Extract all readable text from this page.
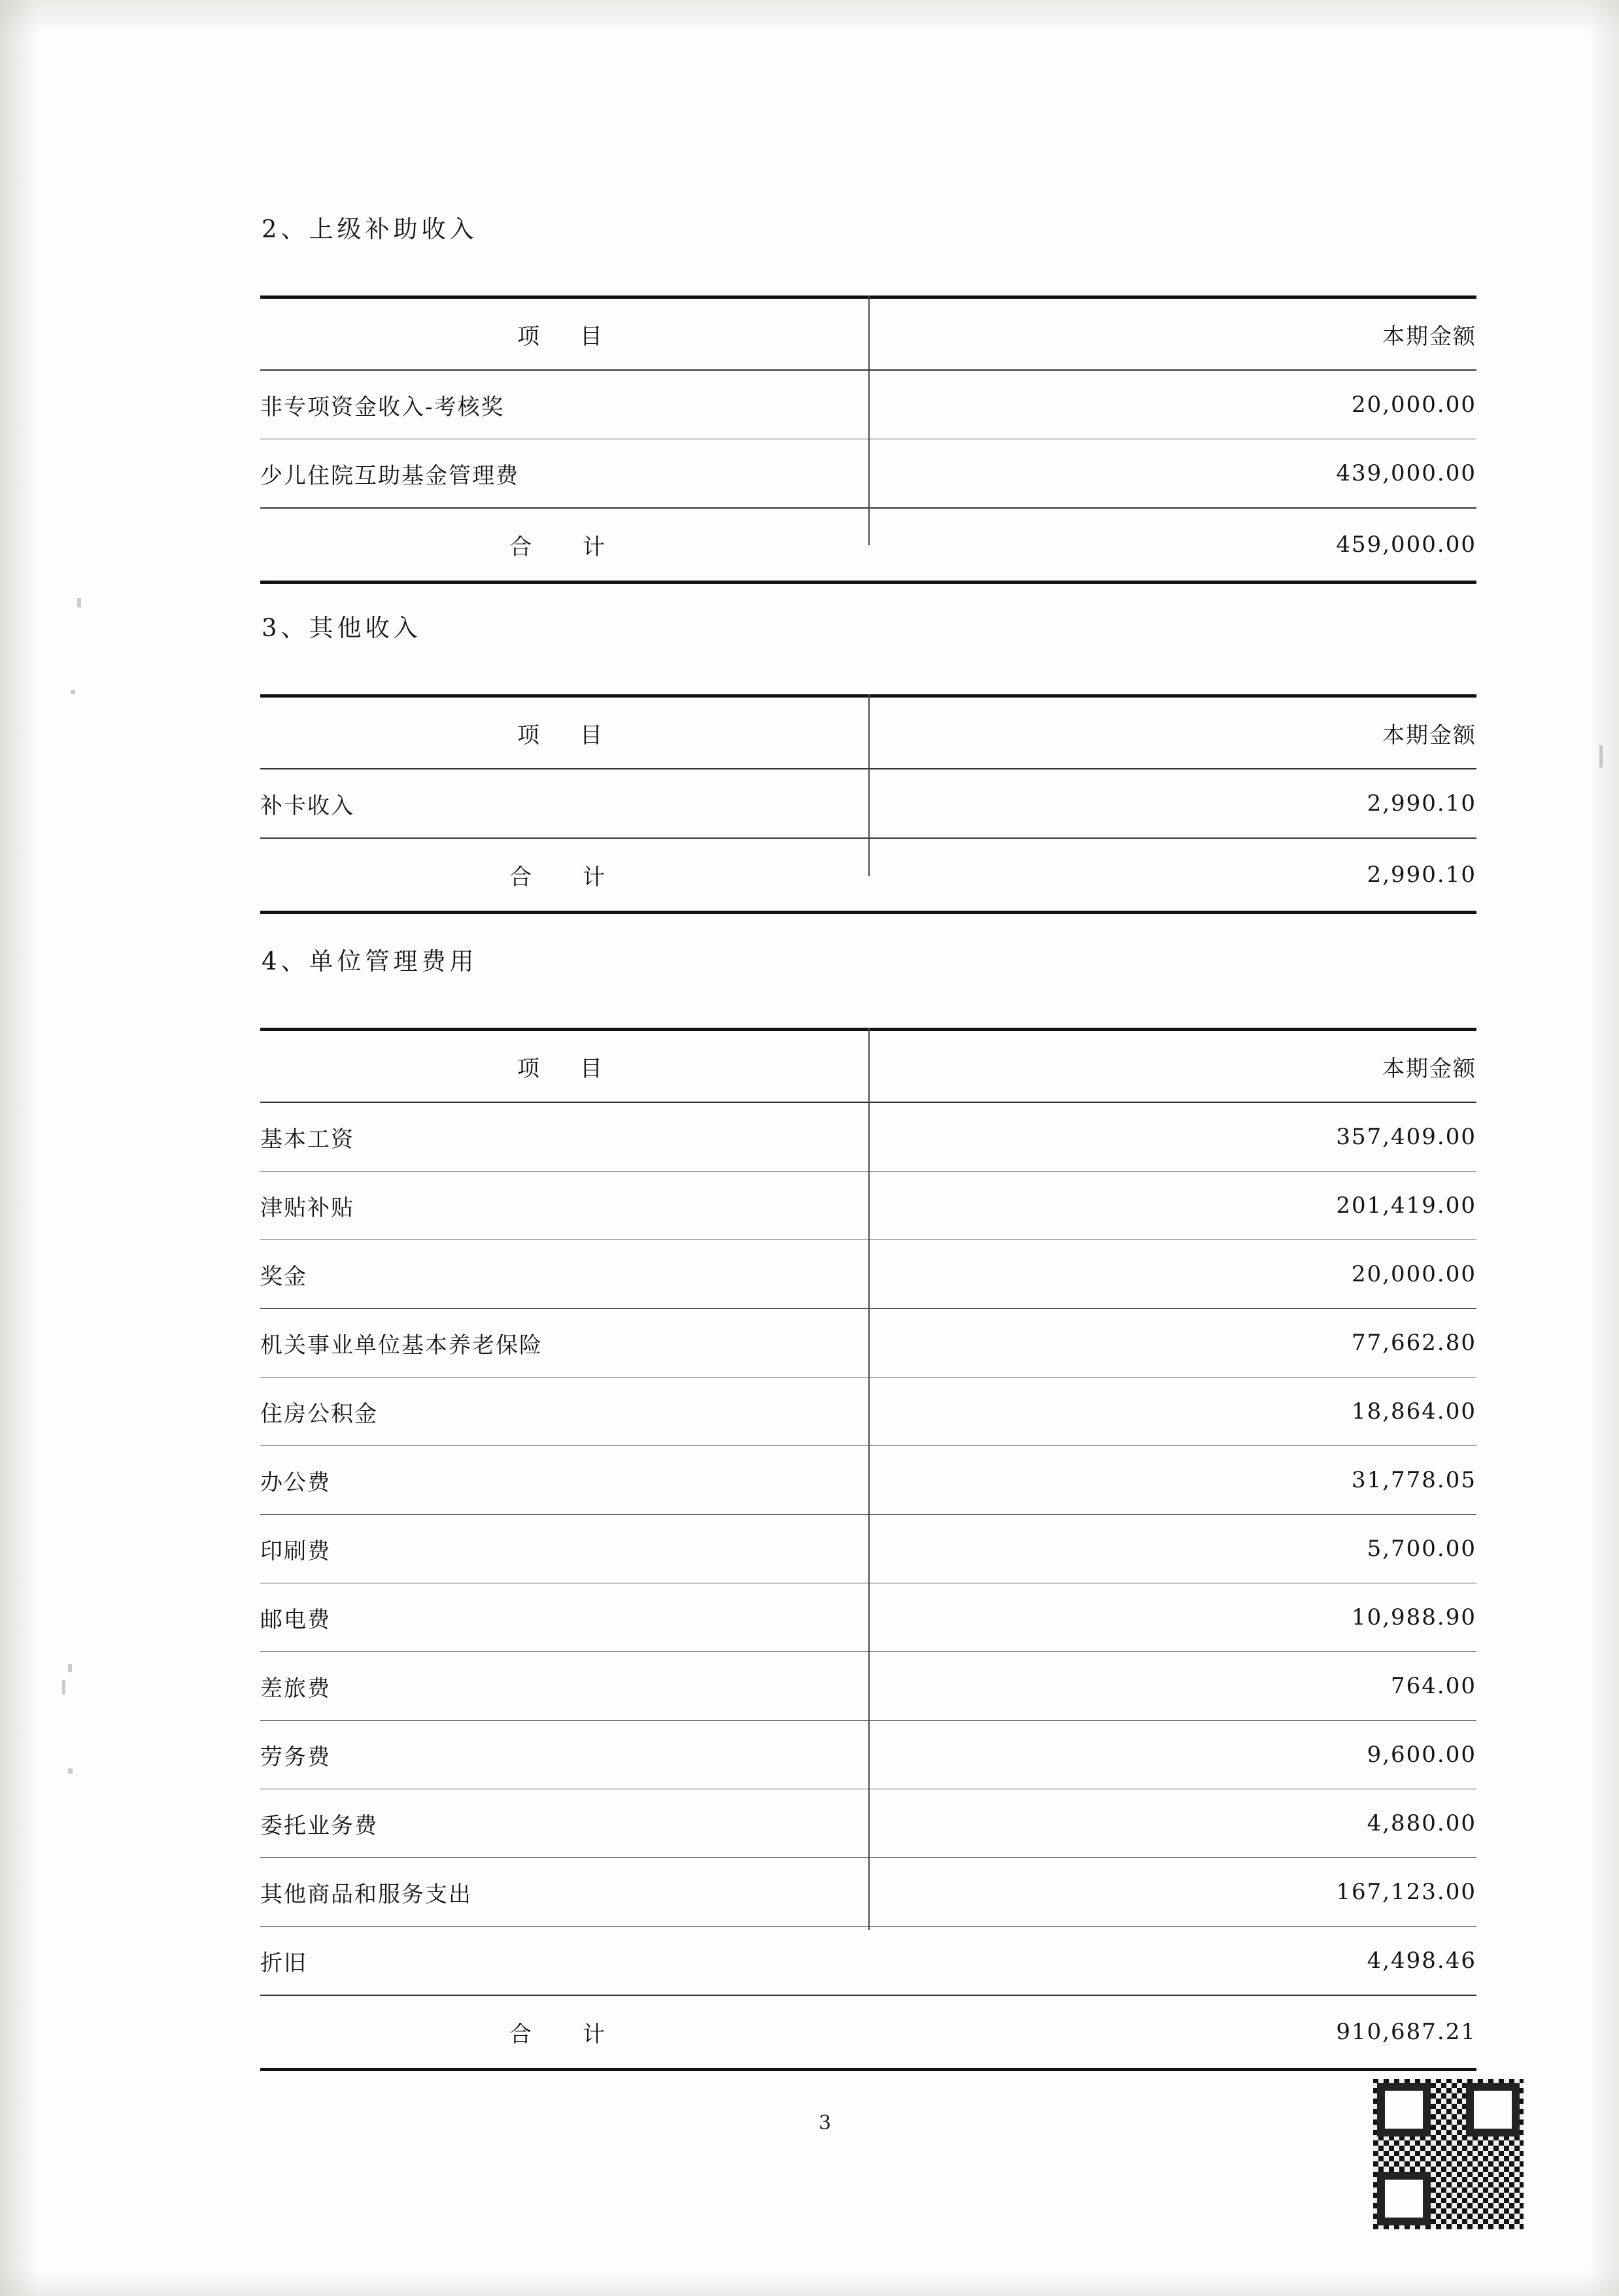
2、上级补助收入
项　目	本期金额
非专项资金收入-考核奖	20,000.00
少儿住院互助基金管理费	439,000.00
合　计	459,000.00
3、其他收入
项　目	本期金额
补卡收入	2,990.10
合　计	2,990.10
4、单位管理费用
项　目	本期金额
基本工资	357,409.00
津贴补贴	201,419.00
奖金	20,000.00
机关事业单位基本养老保险	77,662.80
住房公积金	18,864.00
办公费	31,778.05
印刷费	5,700.00
邮电费	10,988.90
差旅费	764.00
劳务费	9,600.00
委托业务费	4,880.00
其他商品和服务支出	167,123.00
折旧	4,498.46
合　计	910,687.21
3
